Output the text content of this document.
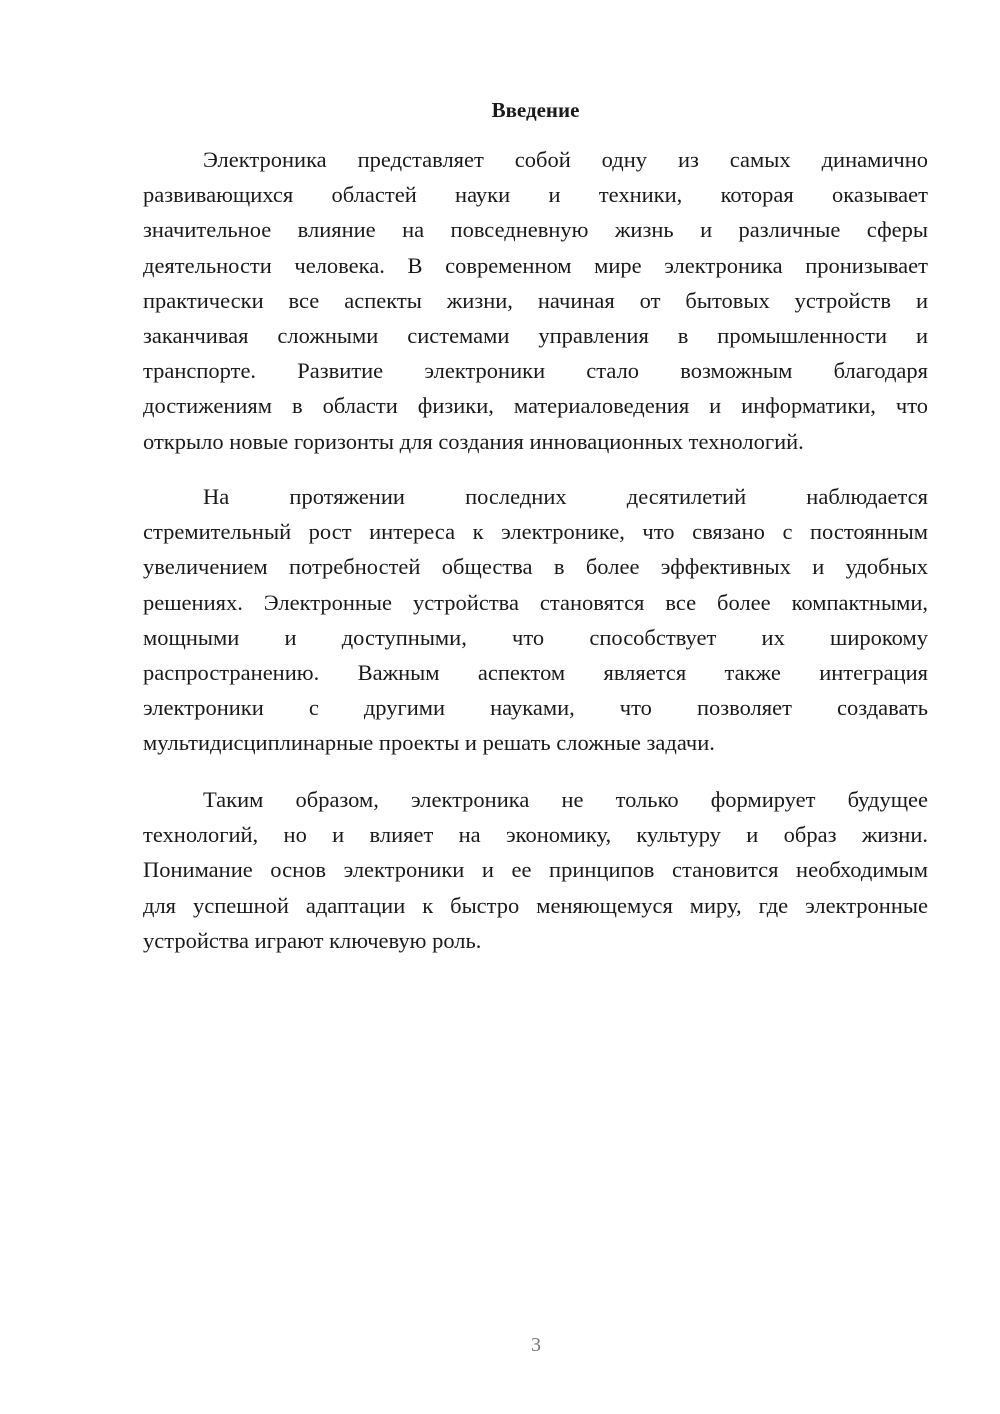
Введение
Электроника представляет собой одну из самых динамично
развивающихся областей науки и техники, которая оказывает
значительное влияние на повседневную жизнь и различные сферы
деятельности человека. В современном мире электроника пронизывает
практически все аспекты жизни, начиная от бытовых устройств и
заканчивая сложными системами управления в промышленности и
транспорте. Развитие электроники стало возможным благодаря
достижениям в области физики, материаловедения и информатики, что
открыло новые горизонты для создания инновационных технологий.
На протяжении последних десятилетий наблюдается
стремительный рост интереса к электронике, что связано с постоянным
увеличением потребностей общества в более эффективных и удобных
решениях. Электронные устройства становятся все более компактными,
мощными и доступными, что способствует их широкому
распространению. Важным аспектом является также интеграция
электроники с другими науками, что позволяет создавать
мультидисциплинарные проекты и решать сложные задачи.
Таким образом, электроника не только формирует будущее
технологий, но и влияет на экономику, культуру и образ жизни.
Понимание основ электроники и ее принципов становится необходимым
для успешной адаптации к быстро меняющемуся миру, где электронные
устройства играют ключевую роль.
3
